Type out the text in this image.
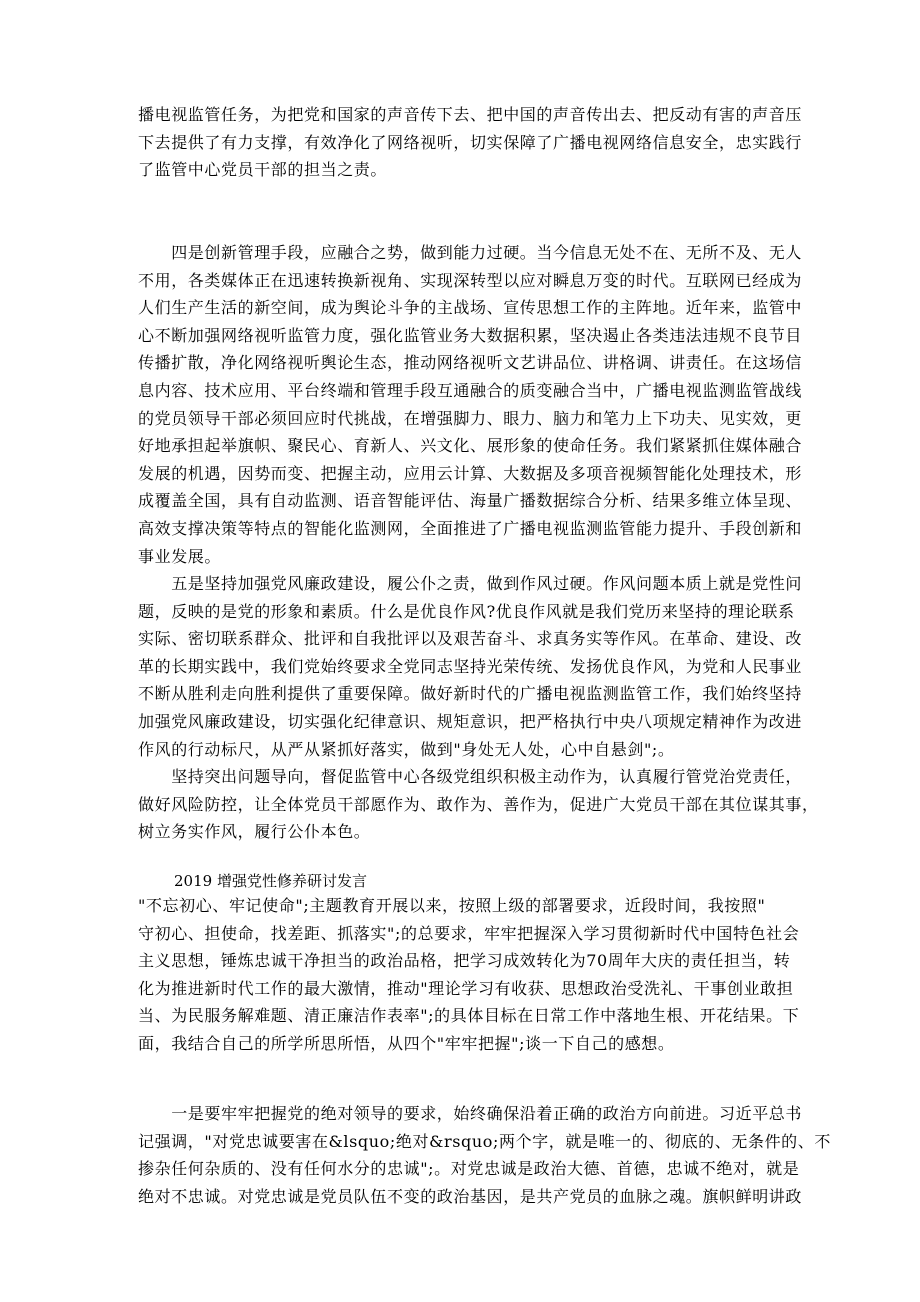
播电视监管任务，为把党和国家的声音传下去、把中国的声音传出去、把反动有害的声音压
下去提供了有力支撑，有效净化了网络视听，切实保障了广播电视网络信息安全，忠实践行
了监管中心党员干部的担当之责。
　　四是创新管理手段，应融合之势，做到能力过硬。当今信息无处不在、无所不及、无人
不用，各类媒体正在迅速转换新视角、实现深转型以应对瞬息万变的时代。互联网已经成为
人们生产生活的新空间，成为舆论斗争的主战场、宣传思想工作的主阵地。近年来，监管中
心不断加强网络视听监管力度，强化监管业务大数据积累，坚决遏止各类违法违规不良节目
传播扩散，净化网络视听舆论生态，推动网络视听文艺讲品位、讲格调、讲责任。在这场信
息内容、技术应用、平台终端和管理手段互通融合的质变融合当中，广播电视监测监管战线
的党员领导干部必须回应时代挑战，在增强脚力、眼力、脑力和笔力上下功夫、见实效，更
好地承担起举旗帜、聚民心、育新人、兴文化、展形象的使命任务。我们紧紧抓住媒体融合
发展的机遇，因势而变、把握主动，应用云计算、大数据及多项音视频智能化处理技术，形
成覆盖全国，具有自动监测、语音智能评估、海量广播数据综合分析、结果多维立体呈现、
高效支撑决策等特点的智能化监测网，全面推进了广播电视监测监管能力提升、手段创新和
事业发展。
　　五是坚持加强党风廉政建设，履公仆之责，做到作风过硬。作风问题本质上就是党性问
题，反映的是党的形象和素质。什么是优良作风?优良作风就是我们党历来坚持的理论联系
实际、密切联系群众、批评和自我批评以及艰苦奋斗、求真务实等作风。在革命、建设、改
革的长期实践中，我们党始终要求全党同志坚持光荣传统、发扬优良作风，为党和人民事业
不断从胜利走向胜利提供了重要保障。做好新时代的广播电视监测监管工作，我们始终坚持
加强党风廉政建设，切实强化纪律意识、规矩意识，把严格执行中央八项规定精神作为改进
作风的行动标尺，从严从紧抓好落实，做到"身处无人处，心中自悬剑";。
　　坚持突出问题导向，督促监管中心各级党组织积极主动作为，认真履行管党治党责任，
做好风险防控，让全体党员干部愿作为、敢作为、善作为，促进广大党员干部在其位谋其事，
树立务实作风，履行公仆本色。
2019 增强党性修养研讨发言
"不忘初心、牢记使命";主题教育开展以来，按照上级的部署要求，近段时间，我按照"
守初心、担使命，找差距、抓落实";的总要求，牢牢把握深入学习贯彻新时代中国特色社会
主义思想，锤炼忠诚干净担当的政治品格，把学习成效转化为70周年大庆的责任担当，转
化为推进新时代工作的最大激情，推动"理论学习有收获、思想政治受洗礼、干事创业敢担
当、为民服务解难题、清正廉洁作表率";的具体目标在日常工作中落地生根、开花结果。下
面，我结合自己的所学所思所悟，从四个"牢牢把握";谈一下自己的感想。
　　一是要牢牢把握党的绝对领导的要求，始终确保沿着正确的政治方向前进。习近平总书
记强调，"对党忠诚要害在&lsquo;绝对&rsquo;两个字，就是唯一的、彻底的、无条件的、不
掺杂任何杂质的、没有任何水分的忠诚";。对党忠诚是政治大德、首德，忠诚不绝对，就是
绝对不忠诚。对党忠诚是党员队伍不变的政治基因，是共产党员的血脉之魂。旗帜鲜明讲政
